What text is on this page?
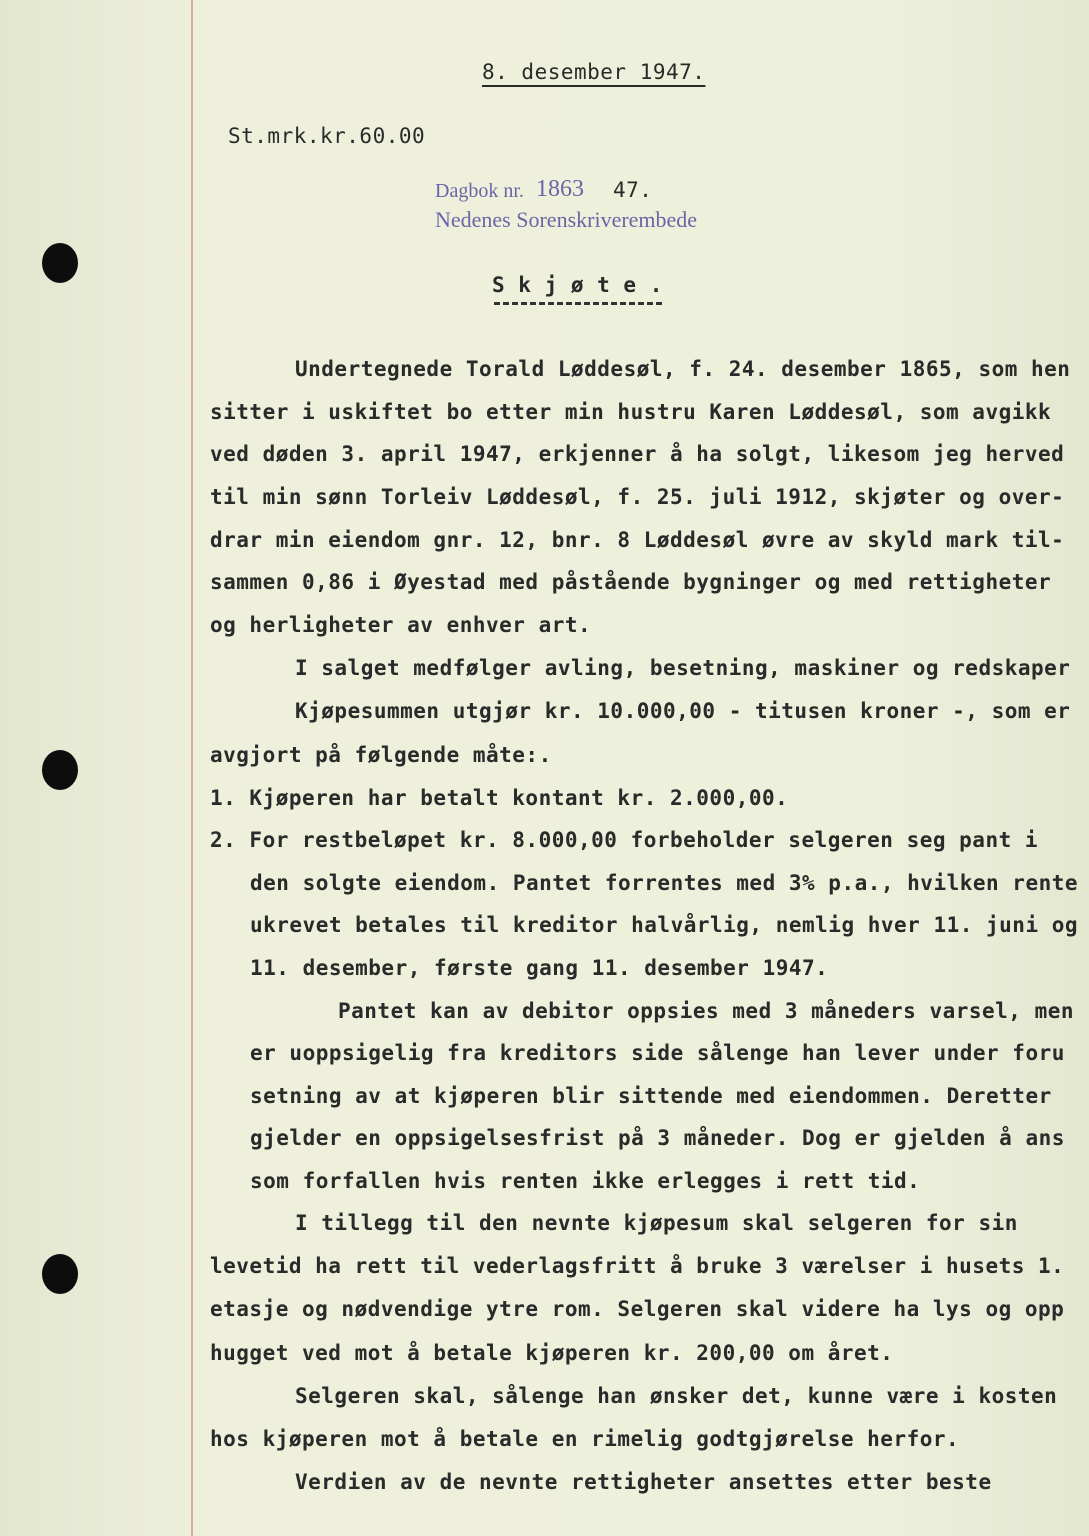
8. desember 1947.

St.mrk.kr.60.00

Dagbok nr. 1863 47.

Nedenes Sorenskriverembede

S k j ø t e .

Undertegnede Torald Løddesøl, f. 24. desember 1865, som hen

sitter i uskiftet bo etter min hustru Karen Løddesøl, som avgikk

ved døden 3. april 1947, erkjenner å ha solgt, likesom jeg herved

til min sønn Torleiv Løddesøl, f. 25. juli 1912, skjøter og over-

drar min eiendom gnr. 12, bnr. 8 Løddesøl øvre av skyld mark til-

sammen 0,86 i Øyestad med påstående bygninger og med rettigheter

og herligheter av enhver art.

I salget medfølger avling, besetning, maskiner og redskaper

Kjøpesummen utgjør kr. 10.000,00 - titusen kroner -, som er

avgjort på følgende måte:.

1. Kjøperen har betalt kontant kr. 2.000,00.

2. For restbeløpet kr. 8.000,00 forbeholder selgeren seg pant i

den solgte eiendom. Pantet forrentes med 3% p.a., hvilken rente

ukrevet betales til kreditor halvårlig, nemlig hver 11. juni og

11. desember, første gang 11. desember 1947.

Pantet kan av debitor oppsies med 3 måneders varsel, men

er uoppsigelig fra kreditors side sålenge han lever under foru

setning av at kjøperen blir sittende med eiendommen. Deretter

gjelder en oppsigelsesfrist på 3 måneder. Dog er gjelden å ans

som forfallen hvis renten ikke erlegges i rett tid.

I tillegg til den nevnte kjøpesum skal selgeren for sin

levetid ha rett til vederlagsfritt å bruke 3 værelser i husets 1.

etasje og nødvendige ytre rom. Selgeren skal videre ha lys og opp

hugget ved mot å betale kjøperen kr. 200,00 om året.

Selgeren skal, sålenge han ønsker det, kunne være i kosten

hos kjøperen mot å betale en rimelig godtgjørelse herfor.

Verdien av de nevnte rettigheter ansettes etter beste
